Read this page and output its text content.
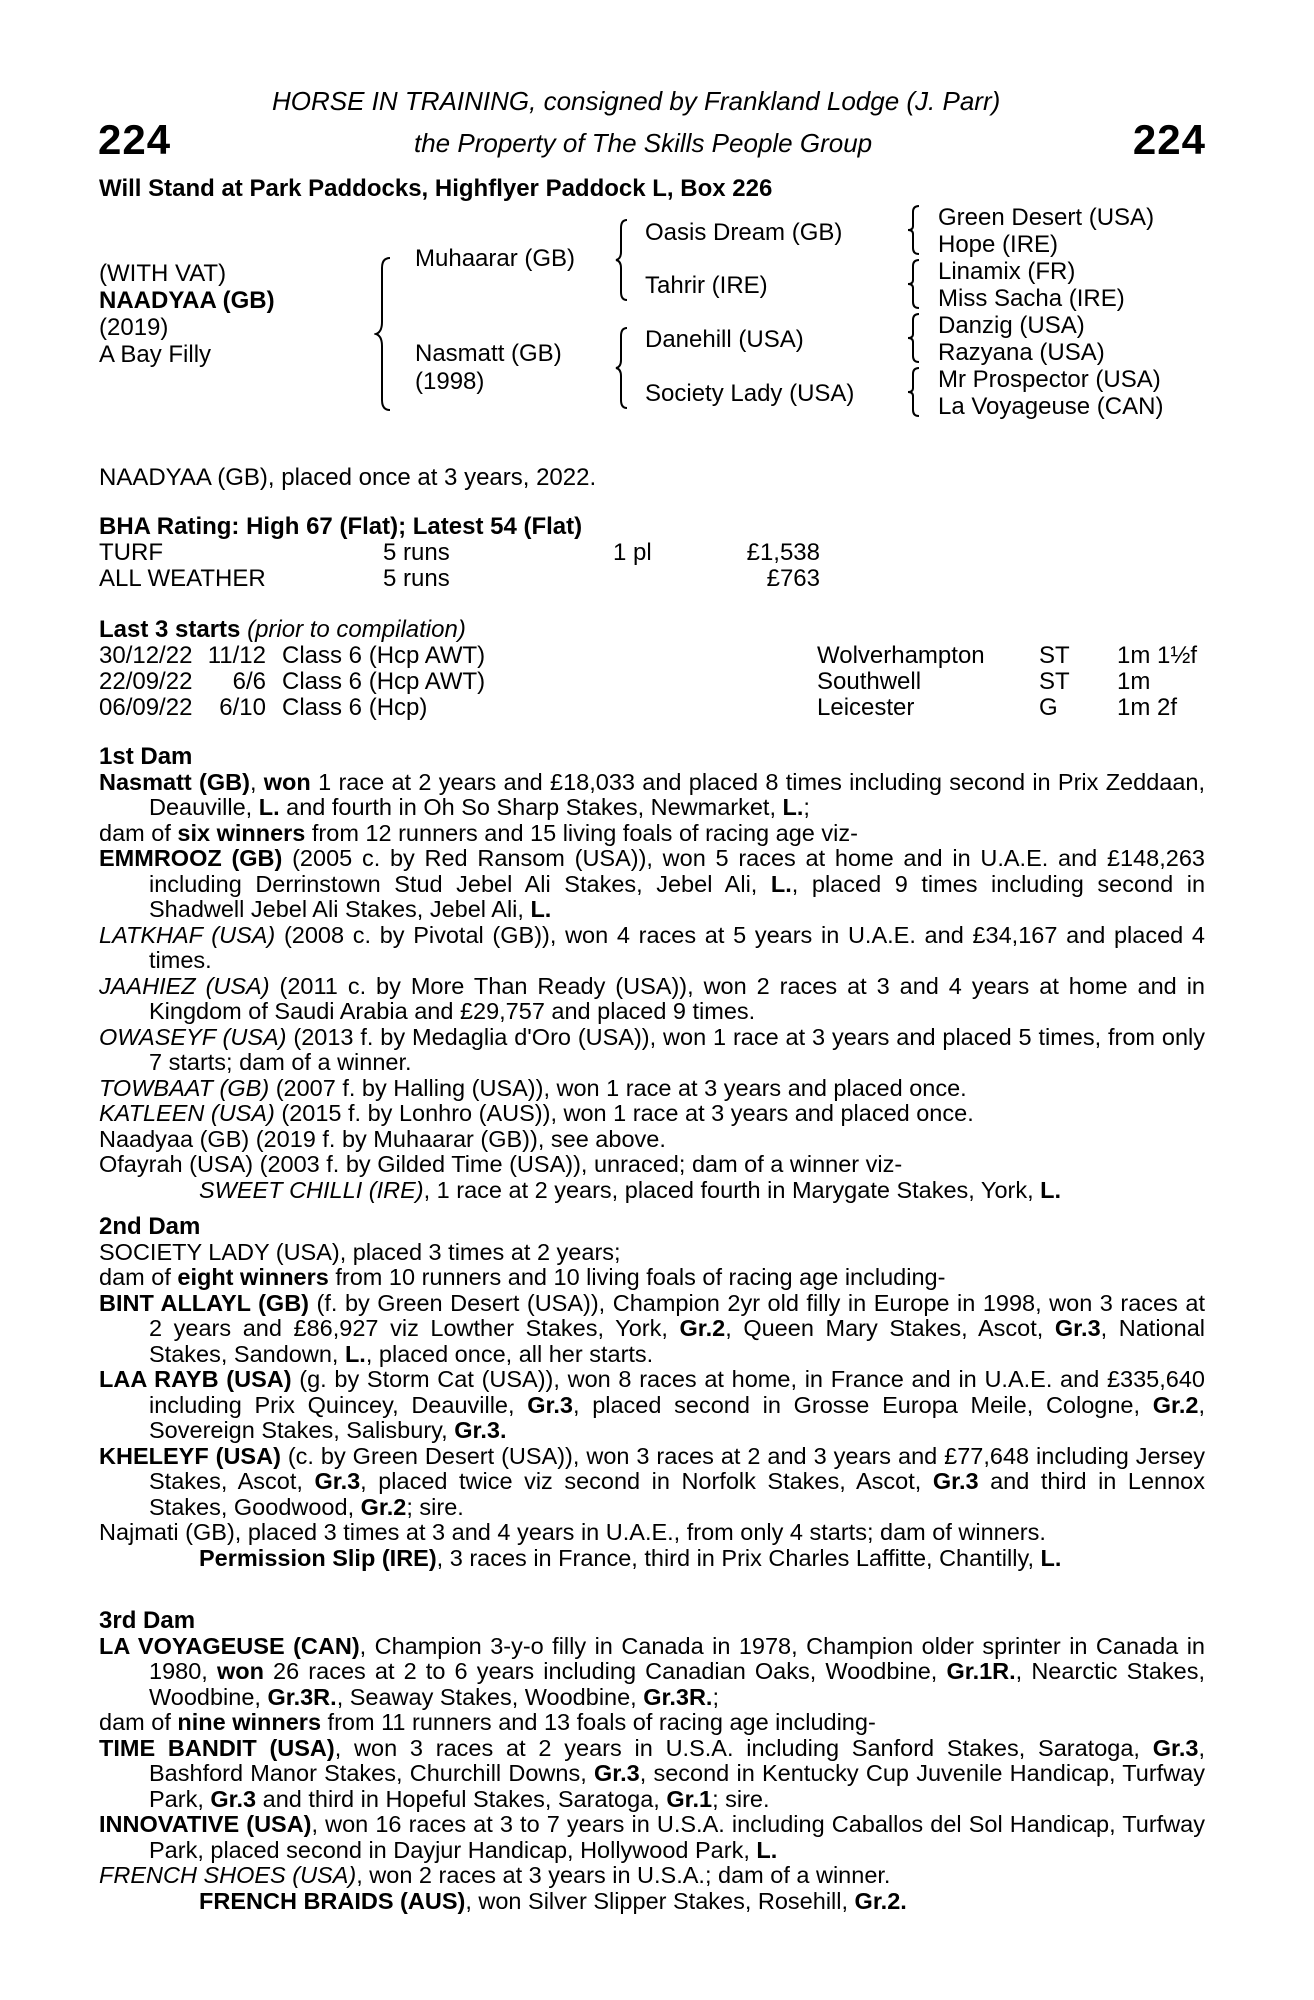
224	224
HORSE IN TRAINING, consigned by Frankland Lodge (J. Parr)
the Property of The Skills People Group
Will Stand at Park Paddocks, Highflyer Paddock L, Box 226
(WITH VAT)
NAADYAA (GB)
(2019)
A Bay Filly
Muhaarar (GB)
Nasmatt (GB)
(1998)
Oasis Dream (GB)
Tahrir (IRE)
Danehill (USA)
Society Lady (USA)
Green Desert (USA)
Hope (IRE)
Linamix (FR)
Miss Sacha (IRE)
Danzig (USA)
Razyana (USA)
Mr Prospector (USA)
La Voyageuse (CAN)
NAADYAA (GB), placed once at 3 years, 2022.
BHA Rating: High 67 (Flat); Latest 54 (Flat)
TURF	5 runs	1 pl	£1,538
ALL WEATHER	5 runs		£763
Last 3 starts (prior to compilation)
30/12/22	11/12	Class 6 (Hcp AWT)	Wolverhampton	ST	1m 1½f
22/09/22	6/6	Class 6 (Hcp AWT)	Southwell	ST	1m
06/09/22	6/10	Class 6 (Hcp)	Leicester	G	1m 2f

1st Dam

Nasmatt (GB), won 1 race at 2 years and £18,033 and placed 8 times including second in Prix Zeddaan, Deauville, L. and fourth in Oh So Sharp Stakes, Newmarket, L.;

dam of six winners from 12 runners and 15 living foals of racing age viz-

EMMROOZ (GB) (2005 c. by Red Ransom (USA)), won 5 races at home and in U.A.E. and £148,263 including Derrinstown Stud Jebel Ali Stakes, Jebel Ali, L., placed 9 times including second in Shadwell Jebel Ali Stakes, Jebel Ali, L.

LATKHAF (USA) (2008 c. by Pivotal (GB)), won 4 races at 5 years in U.A.E. and £34,167 and placed 4 times.

JAAHIEZ (USA) (2011 c. by More Than Ready (USA)), won 2 races at 3 and 4 years at home and in Kingdom of Saudi Arabia and £29,757 and placed 9 times.

OWASEYF (USA) (2013 f. by Medaglia d'Oro (USA)), won 1 race at 3 years and placed 5 times, from only 7 starts; dam of a winner.

TOWBAAT (GB) (2007 f. by Halling (USA)), won 1 race at 3 years and placed once.

KATLEEN (USA) (2015 f. by Lonhro (AUS)), won 1 race at 3 years and placed once.

Naadyaa (GB) (2019 f. by Muhaarar (GB)), see above.

Ofayrah (USA) (2003 f. by Gilded Time (USA)), unraced; dam of a winner viz-

SWEET CHILLI (IRE), 1 race at 2 years, placed fourth in Marygate Stakes, York, L.

2nd Dam

SOCIETY LADY (USA), placed 3 times at 2 years;

dam of eight winners from 10 runners and 10 living foals of racing age including-

BINT ALLAYL (GB) (f. by Green Desert (USA)), Champion 2yr old filly in Europe in 1998, won 3 races at 2 years and £86,927 viz Lowther Stakes, York, Gr.2, Queen Mary Stakes, Ascot, Gr.3, National Stakes, Sandown, L., placed once, all her starts.

LAA RAYB (USA) (g. by Storm Cat (USA)), won 8 races at home, in France and in U.A.E. and £335,640 including Prix Quincey, Deauville, Gr.3, placed second in Grosse Europa Meile, Cologne, Gr.2, Sovereign Stakes, Salisbury, Gr.3.

KHELEYF (USA) (c. by Green Desert (USA)), won 3 races at 2 and 3 years and £77,648 including Jersey Stakes, Ascot, Gr.3, placed twice viz second in Norfolk Stakes, Ascot, Gr.3 and third in Lennox Stakes, Goodwood, Gr.2; sire.

Najmati (GB), placed 3 times at 3 and 4 years in U.A.E., from only 4 starts; dam of winners.

Permission Slip (IRE), 3 races in France, third in Prix Charles Laffitte, Chantilly, L.

3rd Dam

LA VOYAGEUSE (CAN), Champion 3-y-o filly in Canada in 1978, Champion older sprinter in Canada in 1980, won 26 races at 2 to 6 years including Canadian Oaks, Woodbine, Gr.1R., Nearctic Stakes, Woodbine, Gr.3R., Seaway Stakes, Woodbine, Gr.3R.;

dam of nine winners from 11 runners and 13 foals of racing age including-

TIME BANDIT (USA), won 3 races at 2 years in U.S.A. including Sanford Stakes, Saratoga, Gr.3, Bashford Manor Stakes, Churchill Downs, Gr.3, second in Kentucky Cup Juvenile Handicap, Turfway Park, Gr.3 and third in Hopeful Stakes, Saratoga, Gr.1; sire.

INNOVATIVE (USA), won 16 races at 3 to 7 years in U.S.A. including Caballos del Sol Handicap, Turfway Park, placed second in Dayjur Handicap, Hollywood Park, L.

FRENCH SHOES (USA), won 2 races at 3 years in U.S.A.; dam of a winner.

FRENCH BRAIDS (AUS), won Silver Slipper Stakes, Rosehill, Gr.2.
